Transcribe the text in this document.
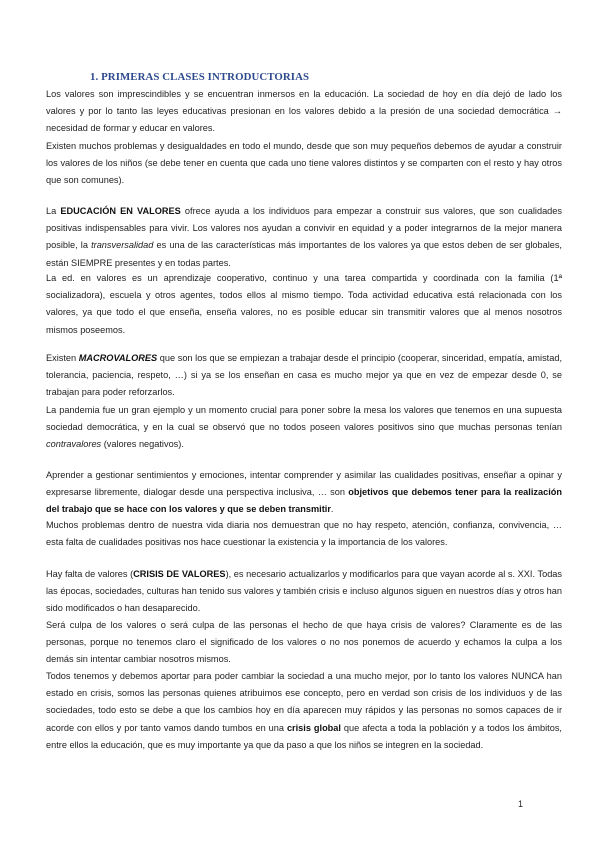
1. PRIMERAS CLASES INTRODUCTORIAS

Los valores son imprescindibles y se encuentran inmersos en la educación. La sociedad de hoy en día dejó de lado los valores y por lo tanto las leyes educativas presionan en los valores debido a la presión de una sociedad democrática → necesidad de formar y educar en valores.

Existen muchos problemas y desigualdades en todo el mundo, desde que son muy pequeños debemos de ayudar a construir los valores de los niños (se debe tener en cuenta que cada uno tiene valores distintos y se comparten con el resto y hay otros que son comunes).

La EDUCACIÓN EN VALORES ofrece ayuda a los individuos para empezar a construir sus valores, que son cualidades positivas indispensables para vivir. Los valores nos ayudan a convivir en equidad y a poder integrarnos de la mejor manera posible, la transversalidad es una de las características más importantes de los valores ya que estos deben de ser globales, están SIEMPRE presentes y en todas partes.

La ed. en valores es un aprendizaje cooperativo, continuo y una tarea compartida y coordinada con la familia (1ª socializadora), escuela y otros agentes, todos ellos al mismo tiempo. Toda actividad educativa está relacionada con los valores, ya que todo el que enseña, enseña valores, no es posible educar sin transmitir valores que al menos nosotros mismos poseemos.

Existen MACROVALORES que son los que se empiezan a trabajar desde el principio (cooperar, sinceridad, empatía, amistad, tolerancia, paciencia, respeto, …) si ya se los enseñan en casa es mucho mejor ya que en vez de empezar desde 0, se trabajan para poder reforzarlos.

La pandemia fue un gran ejemplo y un momento crucial para poner sobre la mesa los valores que tenemos en una supuesta sociedad democrática, y en la cual se observó que no todos poseen valores positivos sino que muchas personas tenían contravalores (valores negativos).

Aprender a gestionar sentimientos y emociones, intentar comprender y asimilar las cualidades positivas, enseñar a opinar y expresarse libremente, dialogar desde una perspectiva inclusiva, … son objetivos que debemos tener para la realización del trabajo que se hace con los valores y que se deben transmitir.

Muchos problemas dentro de nuestra vida diaria nos demuestran que no hay respeto, atención, confianza, convivencia, … esta falta de cualidades positivas nos hace cuestionar la existencia y la importancia de los valores.

Hay falta de valores (CRISIS DE VALORES), es necesario actualizarlos y modificarlos para que vayan acorde al s. XXI. Todas las épocas, sociedades, culturas han tenido sus valores y también crisis e incluso algunos siguen en nuestros días y otros han sido modificados o han desaparecido.

Será culpa de los valores o será culpa de las personas el hecho de que haya crisis de valores? Claramente es de las personas, porque no tenemos claro el significado de los valores o no nos ponemos de acuerdo y echamos la culpa a los demás sin intentar cambiar nosotros mismos.

Todos tenemos y debemos aportar para poder cambiar la sociedad a una mucho mejor, por lo tanto los valores NUNCA han estado en crisis, somos las personas quienes atribuimos ese concepto, pero en verdad son crisis de los individuos y de las sociedades, todo esto se debe a que los cambios hoy en día aparecen muy rápidos y las personas no somos capaces de ir acorde con ellos y por tanto vamos dando tumbos en una crisis global que afecta a toda la población y a todos los ámbitos, entre ellos la educación, que es muy importante ya que da paso a que los niños se integren en la sociedad.

1
